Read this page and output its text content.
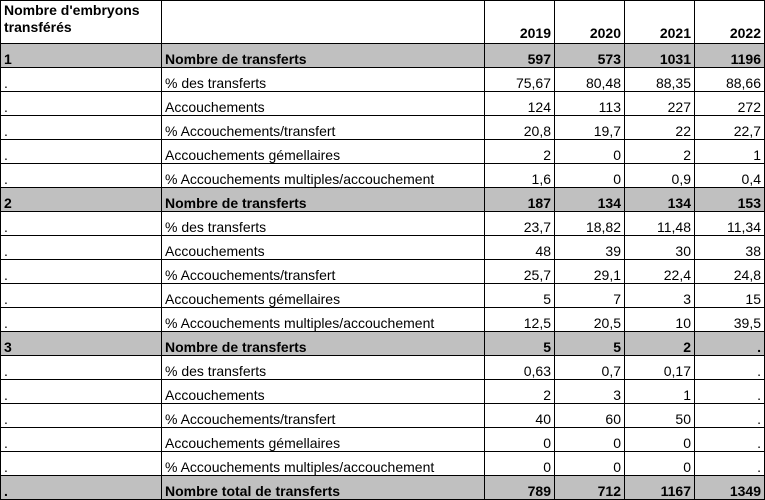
Nombre d'embryons transférés		2019	2020	2021	2022
1	Nombre de transferts	597	573	1031	1196
.	% des transferts	75,67	80,48	88,35	88,66
.	Accouchements	124	113	227	272
.	% Accouchements/transfert	20,8	19,7	22	22,7
.	Accouchements gémellaires	2	0	2	1
.	% Accouchements multiples/accouchement	1,6	0	0,9	0,4
2	Nombre de transferts	187	134	134	153
.	% des transferts	23,7	18,82	11,48	11,34
.	Accouchements	48	39	30	38
.	% Accouchements/transfert	25,7	29,1	22,4	24,8
.	Accouchements gémellaires	5	7	3	15
.	% Accouchements multiples/accouchement	12,5	20,5	10	39,5
3	Nombre de transferts	5	5	2	.
.	% des transferts	0,63	0,7	0,17	.
.	Accouchements	2	3	1	.
.	% Accouchements/transfert	40	60	50	.
.	Accouchements gémellaires	0	0	0	.
.	% Accouchements multiples/accouchement	0	0	0	.
.	Nombre total de transferts	789	712	1167	1349
